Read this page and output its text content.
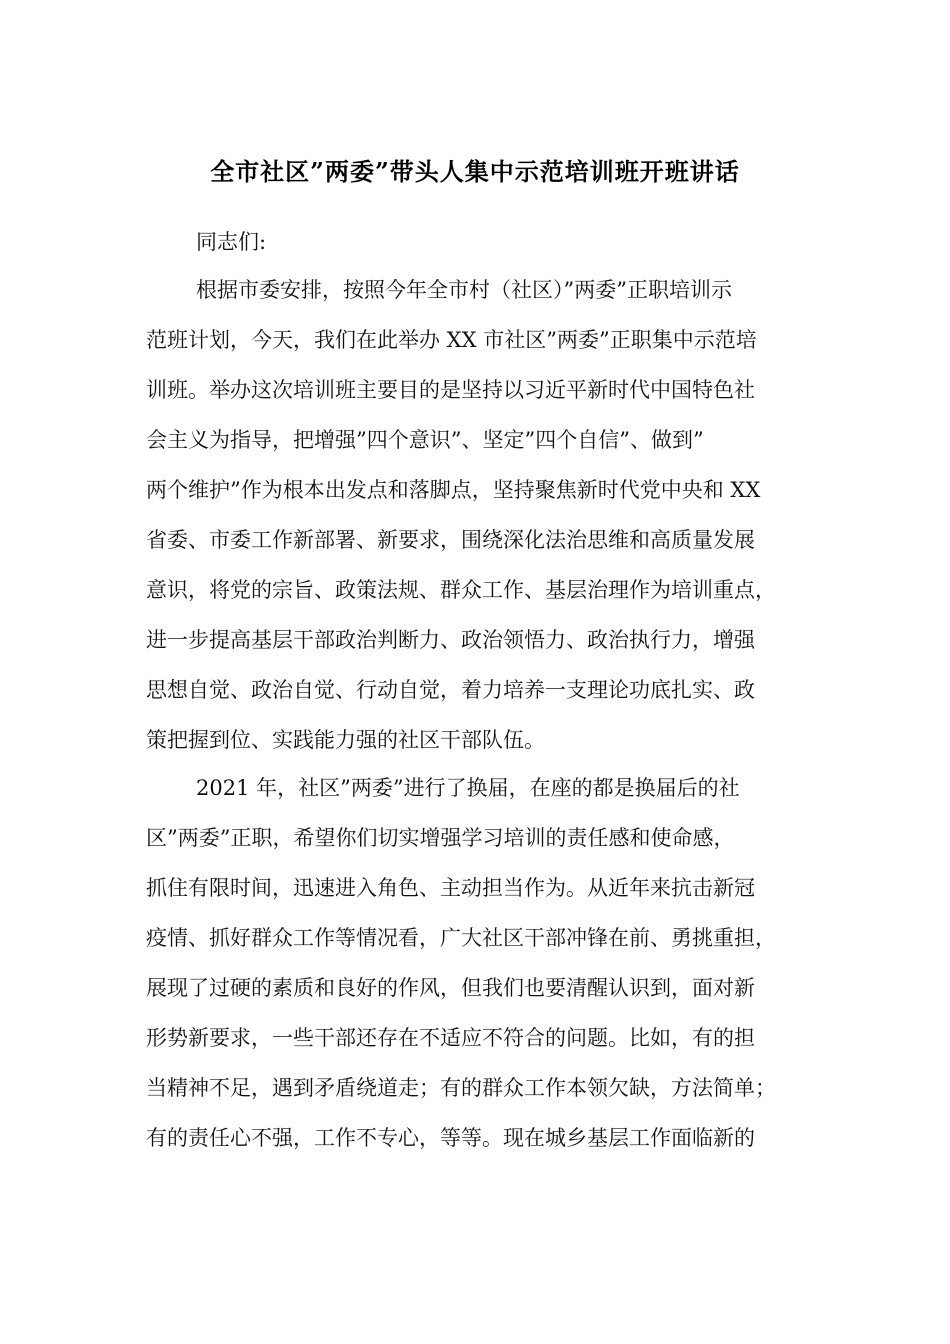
全市社区”两委”带头人集中示范培训班开班讲话

同志们:

根据市委安排，按照今年全市村（社区）”两委”正职培训示

范班计划，今天，我们在此举办 XX 市社区”两委”正职集中示范培

训班。举办这次培训班主要目的是坚持以习近平新时代中国特色社

会主义为指导，把增强”四个意识”、坚定”四个自信”、做到”

两个维护”作为根本出发点和落脚点，坚持聚焦新时代党中央和 XX

省委、市委工作新部署、新要求，围绕深化法治思维和高质量发展

意识，将党的宗旨、政策法规、群众工作、基层治理作为培训重点，

进一步提高基层干部政治判断力、政治领悟力、政治执行力，增强

思想自觉、政治自觉、行动自觉，着力培养一支理论功底扎实、政

策把握到位、实践能力强的社区干部队伍。

2021 年，社区”两委”进行了换届，在座的都是换届后的社

区”两委”正职，希望你们切实增强学习培训的责任感和使命感，

抓住有限时间，迅速进入角色、主动担当作为。从近年来抗击新冠

疫情、抓好群众工作等情况看，广大社区干部冲锋在前、勇挑重担，

展现了过硬的素质和良好的作风，但我们也要清醒认识到，面对新

形势新要求，一些干部还存在不适应不符合的问题。比如，有的担

当精神不足，遇到矛盾绕道走；有的群众工作本领欠缺，方法简单；

有的责任心不强，工作不专心，等等。现在城乡基层工作面临新的
